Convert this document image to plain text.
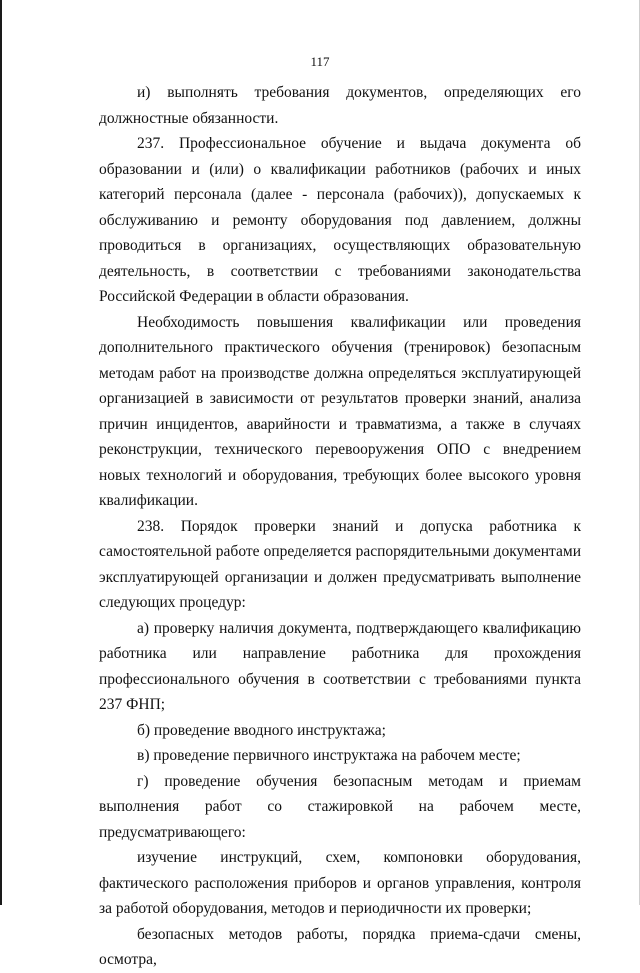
117

и) выполнять требования документов, определяющих его должностные обязанности.

237. Профессиональное обучение и выдача документа об образовании и (или) о квалификации работников (рабочих и иных категорий персонала (далее - персонала (рабочих)), допускаемых к обслуживанию и ремонту оборудования под давлением, должны проводиться в организациях, осуществляющих образовательную деятельность, в соответствии с требованиями законодательства Российской Федерации в области образования.

Необходимость повышения квалификации или проведения дополнительного практического обучения (тренировок) безопасным методам работ на производстве должна определяться эксплуатирующей организацией в зависимости от результатов проверки знаний, анализа причин инцидентов, аварийности и травматизма, а также в случаях реконструкции, технического перевооружения ОПО с внедрением новых технологий и оборудования, требующих более высокого уровня квалификации.

238. Порядок проверки знаний и допуска работника к самостоятельной работе определяется распорядительными документами эксплуатирующей организации и должен предусматривать выполнение следующих процедур:

а) проверку наличия документа, подтверждающего квалификацию работника или направление работника для прохождения профессионального обучения в соответствии с требованиями пункта 237 ФНП;

б) проведение вводного инструктажа;

в) проведение первичного инструктажа на рабочем месте;

г) проведение обучения безопасным методам и приемам выполнения работ со стажировкой на рабочем месте, предусматривающего:

изучение инструкций, схем, компоновки оборудования, фактического расположения приборов и органов управления, контроля за работой оборудования, методов и периодичности их проверки;

безопасных методов работы, порядка приема-сдачи смены, осмотра,
